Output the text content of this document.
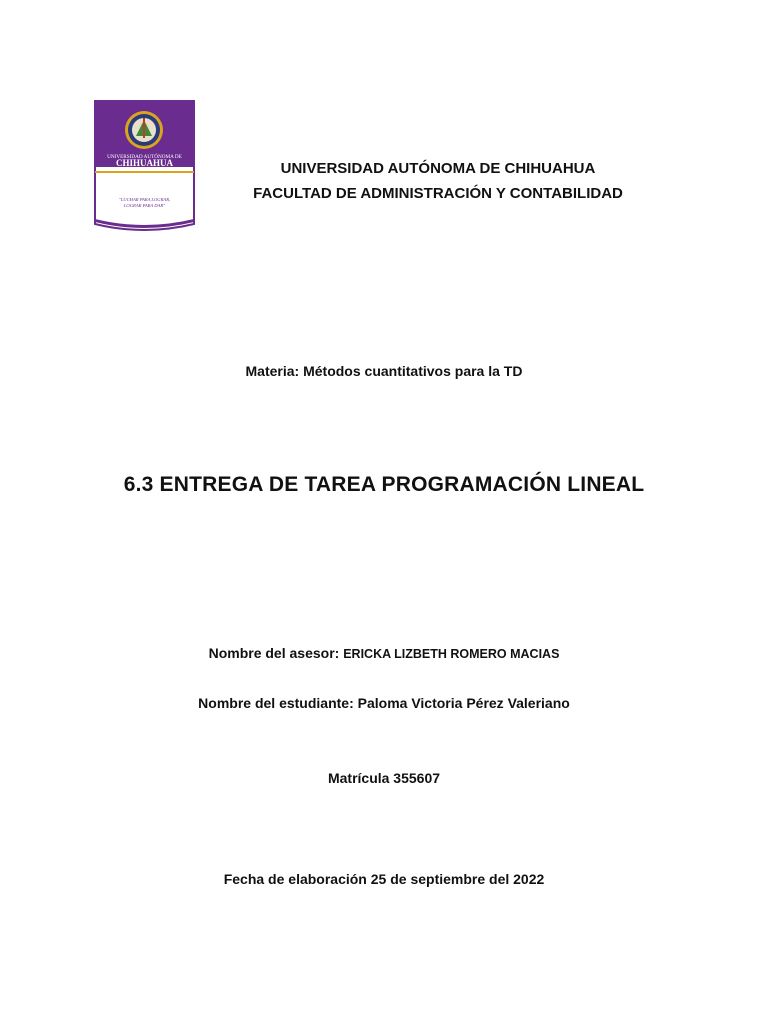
UNIVERSIDAD AUTÓNOMA DE
CHIHUAHUA
"LUCHAR PARA LOGRAR,
LOGRAR PARA DAR"
UNIVERSIDAD AUTÓNOMA DE CHIHUAHUA
FACULTAD DE ADMINISTRACIÓN Y CONTABILIDAD
Materia: Métodos cuantitativos para la TD
6.3 ENTREGA DE TAREA PROGRAMACIÓN LINEAL
Nombre del asesor: ERICKA LIZBETH ROMERO MACIAS
Nombre del estudiante: Paloma Victoria Pérez Valeriano
Matrícula 355607
Fecha de elaboración 25 de septiembre del 2022
